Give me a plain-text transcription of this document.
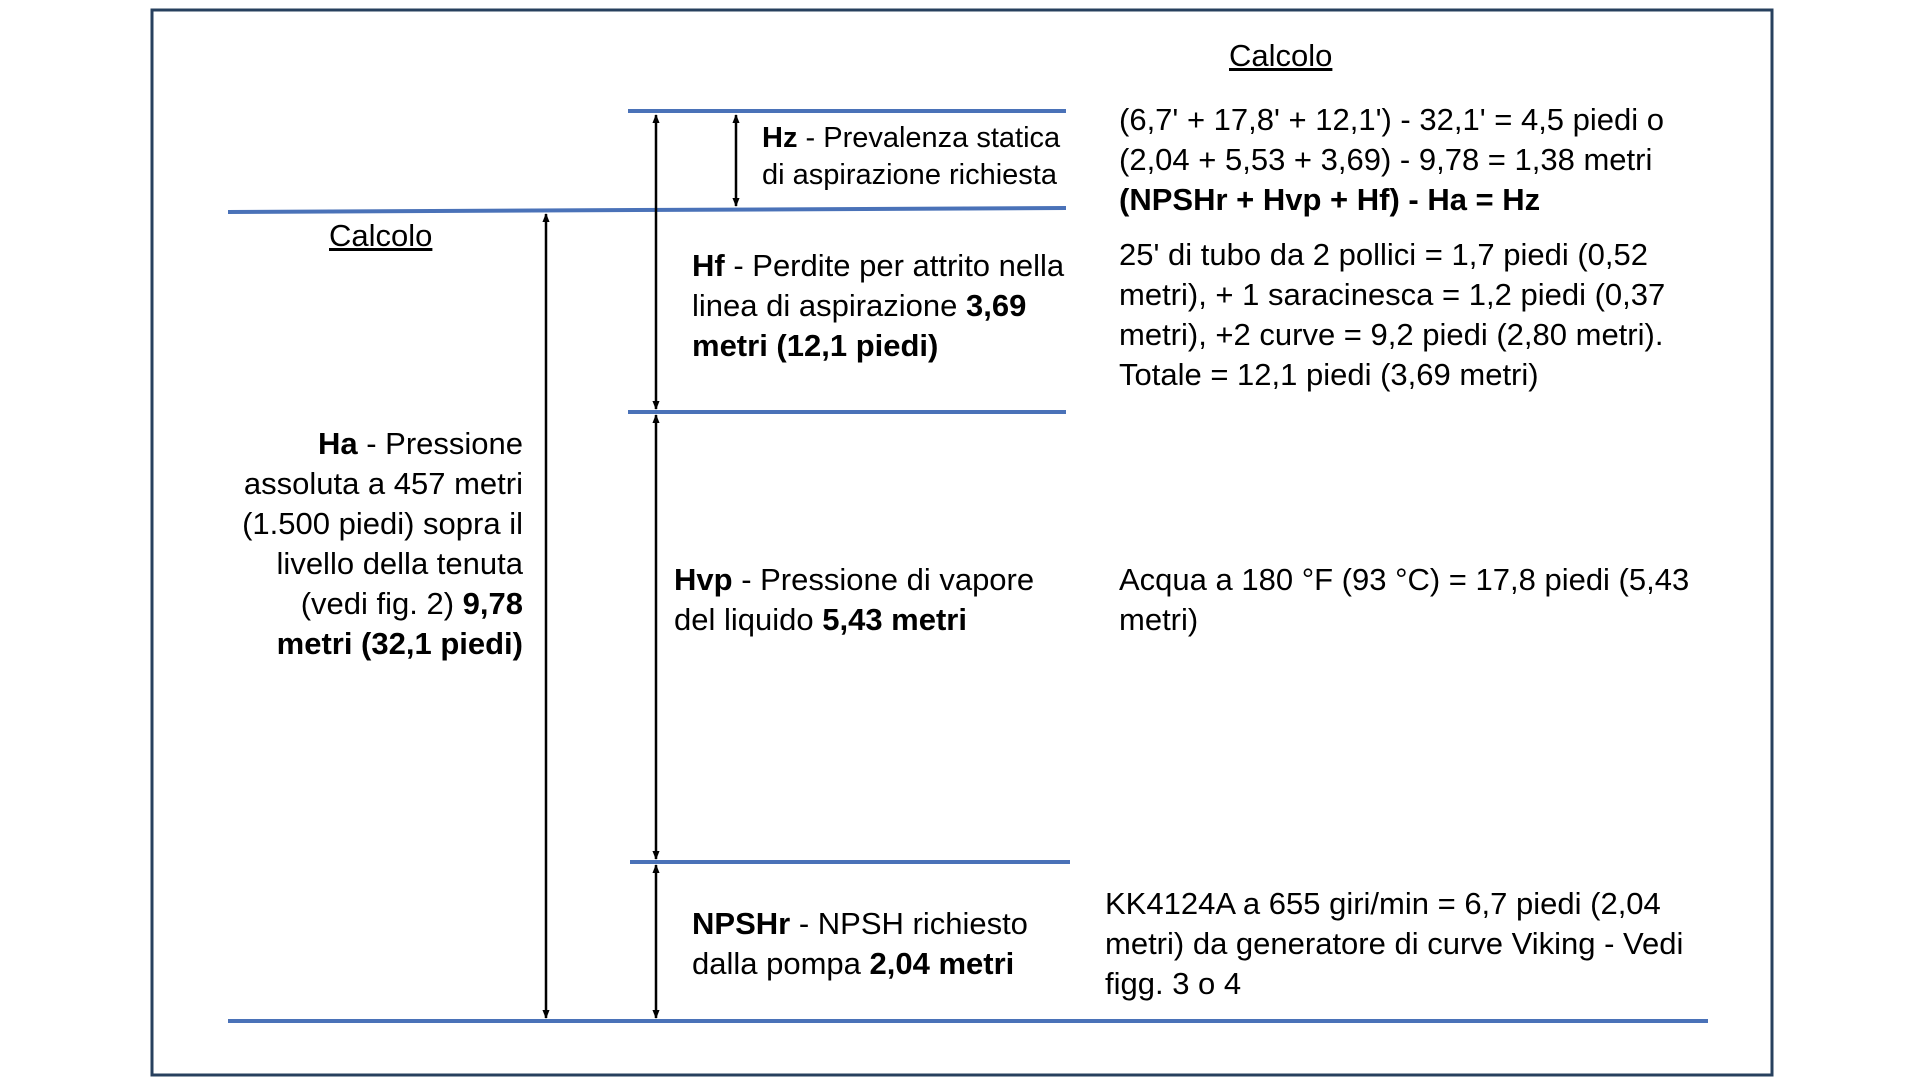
Calcolo
Calcolo
Hz - Prevalenza statica
di aspirazione richiesta
Hf - Perdite per attrito nella
linea di aspirazione 3,69
metri (12,1 piedi)
Ha - Pressione
assoluta a 457 metri
(1.500 piedi) sopra il
livello della tenuta
(vedi fig. 2) 9,78
metri (32,1 piedi)
Hvp - Pressione di vapore
del liquido 5,43 metri
NPSHr - NPSH richiesto
dalla pompa 2,04 metri
(6,7' + 17,8' + 12,1') - 32,1' = 4,5 piedi o
(2,04 + 5,53 + 3,69) - 9,78 = 1,38 metri
(NPSHr + Hvp + Hf) - Ha = Hz
25' di tubo da 2 pollici = 1,7 piedi (0,52
metri), + 1 saracinesca = 1,2 piedi (0,37
metri), +2 curve = 9,2 piedi (2,80 metri).
Totale = 12,1 piedi (3,69 metri)
Acqua a 180 °F (93 °C) = 17,8 piedi (5,43
metri)
KK4124A a 655 giri/min = 6,7 piedi (2,04
metri) da generatore di curve Viking - Vedi
figg. 3 o 4
